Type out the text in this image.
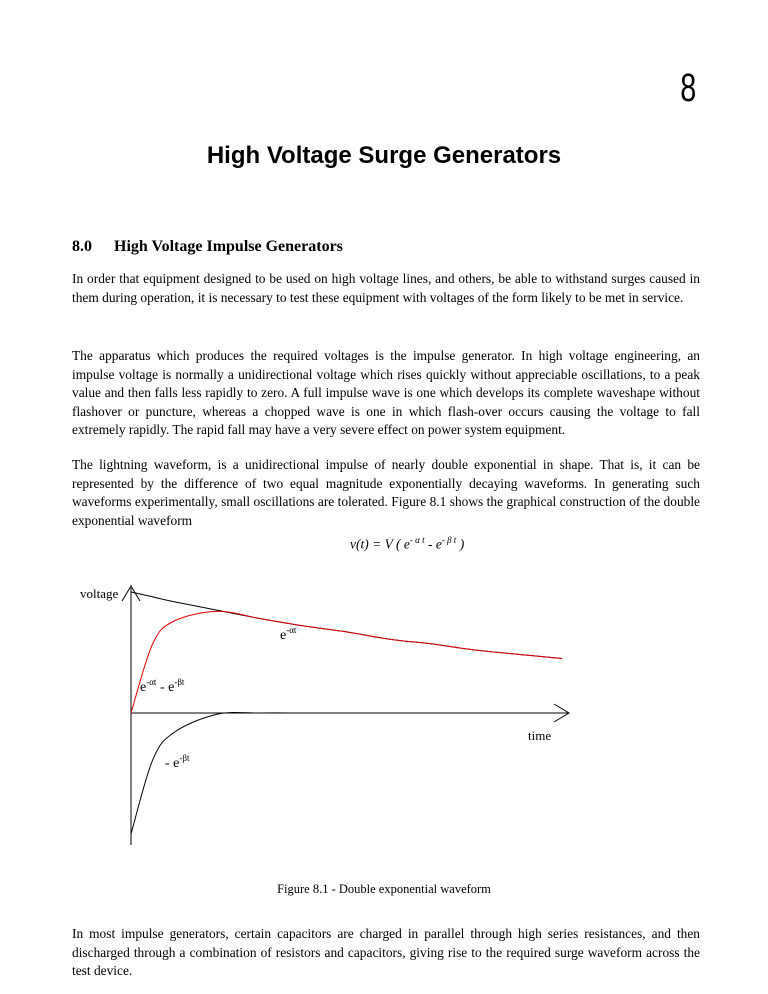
8
High Voltage Surge Generators
8.0 High Voltage Impulse Generators

In order that equipment designed to be used on high voltage lines, and others, be able to withstand surges caused in them during operation, it is necessary to test these equipment with voltages of the form likely to be met in service.

The apparatus which produces the required voltages is the impulse generator. In high voltage engineering, an impulse voltage is normally a unidirectional voltage which rises quickly without appreciable oscillations, to a peak value and then falls less rapidly to zero. A full impulse wave is one which develops its complete waveshape without flashover or puncture, whereas a chopped wave is one in which flash-over occurs causing the voltage to fall extremely rapidly. The rapid fall may have a very severe effect on power system equipment.

The lightning waveform, is a unidirectional impulse of nearly double exponential in shape. That is, it can be represented by the difference of two equal magnitude exponentially decaying waveforms. In generating such waveforms experimentally, small oscillations are tolerated. Figure 8.1 shows the graphical construction of the double exponential waveform

v(t) = V ( $e^{- \alpha t} - e^{- \beta t}$ )
voltage
time
$e^{-\alpha t}$
$e^{-\alpha t} - e^{-\beta t}$
- $e^{-\beta t}$
Figure 8.1 - Double exponential waveform

In most impulse generators, certain capacitors are charged in parallel through high series resistances, and then discharged through a combination of resistors and capacitors, giving rise to the required surge waveform across the test device.
